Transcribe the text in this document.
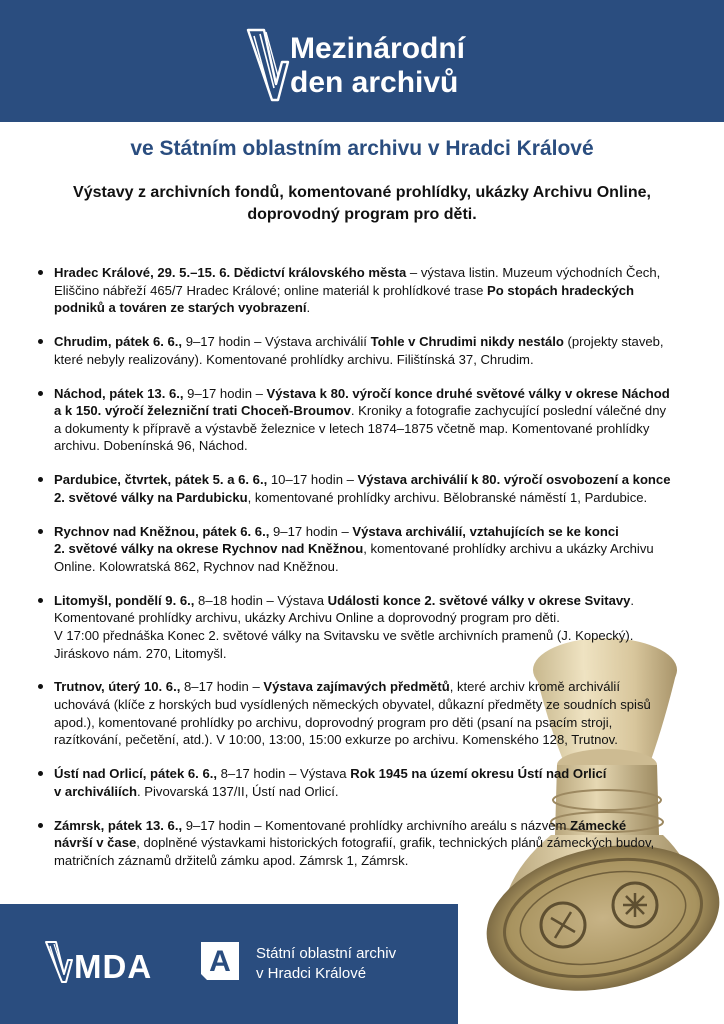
Mezinárodní
den archivů
ve Státním oblastním archivu v Hradci Králové
Výstavy z archivních fondů, komentované prohlídky, ukázky Archivu Online,
doprovodný program pro děti.
Hradec Králové, 29. 5.–15. 6. Dědictví královského města – výstava listin. Muzeum východních Čech,
Eliščino nábřeží 465/7 Hradec Králové; online materiál k prohlídkové trase Po stopách hradeckých
podniků a továren ze starých vyobrazení.
Chrudim, pátek 6. 6., 9–17 hodin – Výstava archiválií Tohle v Chrudimi nikdy nestálo (projekty staveb,
které nebyly realizovány). Komentované prohlídky archivu. Filištínská 37, Chrudim.
Náchod, pátek 13. 6., 9–17 hodin – Výstava k 80. výročí konce druhé světové války v okrese Náchod
a k 150. výročí železniční trati Choceň-Broumov. Kroniky a fotografie zachycující poslední válečné dny
a dokumenty k přípravě a výstavbě železnice v letech 1874–1875 včetně map. Komentované prohlídky
archivu. Dobenínská 96, Náchod.
Pardubice, čtvrtek, pátek 5. a 6. 6., 10–17 hodin – Výstava archiválií k 80. výročí osvobození a konce
2. světové války na Pardubicku, komentované prohlídky archivu. Bělobranské náměstí 1, Pardubice.
Rychnov nad Kněžnou, pátek 6. 6., 9–17 hodin – Výstava archiválií, vztahujících se ke konci
2. světové války na okrese Rychnov nad Kněžnou, komentované prohlídky archivu a ukázky Archivu
Online. Kolowratská 862, Rychnov nad Kněžnou.
Litomyšl, pondělí 9. 6., 8–18 hodin – Výstava Události konce 2. světové války v okrese Svitavy.
Komentované prohlídky archivu, ukázky Archivu Online a doprovodný program pro děti.
V 17:00 přednáška Konec 2. světové války na Svitavsku ve světle archivních pramenů (J. Kopecký).
Jiráskovo nám. 270, Litomyšl.
Trutnov, úterý 10. 6., 8–17 hodin – Výstava zajímavých předmětů, které archiv kromě archiválií
uchovává (klíče z horských bud vysídlených německých obyvatel, důkazní předměty ze soudních spisů
apod.), komentované prohlídky po archivu, doprovodný program pro děti (psaní na psacím stroji,
razítkování, pečetění, atd.). V 10:00, 13:00, 15:00 exkurze po archivu. Komenského 128, Trutnov.
Ústí nad Orlicí, pátek 6. 6., 8–17 hodin – Výstava Rok 1945 na území okresu Ústí nad Orlicí
v archiváliích. Pivovarská 137/II, Ústí nad Orlicí.
Zámrsk, pátek 13. 6., 9–17 hodin – Komentované prohlídky archivního areálu s názvem Zámecké
návrší v čase, doplněné výstavkami historických fotografií, grafik, technických plánů zámeckých budov,
matričních záznamů držitelů zámku apod. Zámrsk 1, Zámrsk.
MDA	A	Státní oblastní archiv
v Hradci Králové
